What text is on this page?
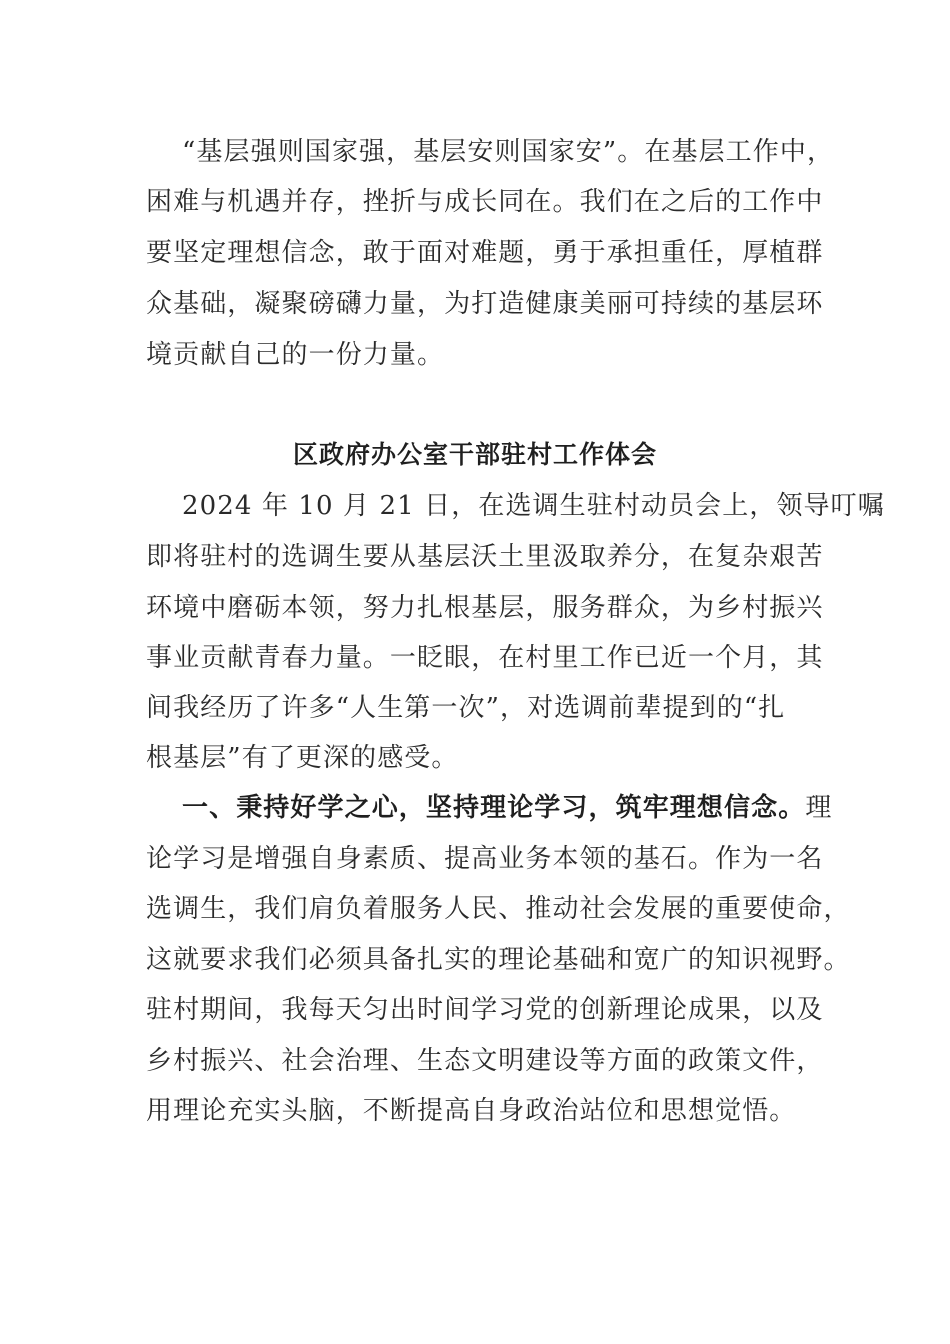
“基层强则国家强，基层安则国家安”。在基层工作中，
困难与机遇并存，挫折与成长同在。我们在之后的工作中
要坚定理想信念，敢于面对难题，勇于承担重任，厚植群
众基础，凝聚磅礴力量，为打造健康美丽可持续的基层环
境贡献自己的一份力量。
区政府办公室干部驻村工作体会
2024 年 10 月 21 日，在选调生驻村动员会上，领导叮嘱
即将驻村的选调生要从基层沃土里汲取养分，在复杂艰苦
环境中磨砺本领，努力扎根基层，服务群众，为乡村振兴
事业贡献青春力量。一眨眼，在村里工作已近一个月，其
间我经历了许多“人生第一次”，对选调前辈提到的“扎
根基层”有了更深的感受。
一、秉持好学之心，坚持理论学习，筑牢理想信念。理
论学习是增强自身素质、提高业务本领的基石。作为一名
选调生，我们肩负着服务人民、推动社会发展的重要使命，
这就要求我们必须具备扎实的理论基础和宽广的知识视野。
驻村期间，我每天匀出时间学习党的创新理论成果，以及
乡村振兴、社会治理、生态文明建设等方面的政策文件，
用理论充实头脑，不断提高自身政治站位和思想觉悟。
